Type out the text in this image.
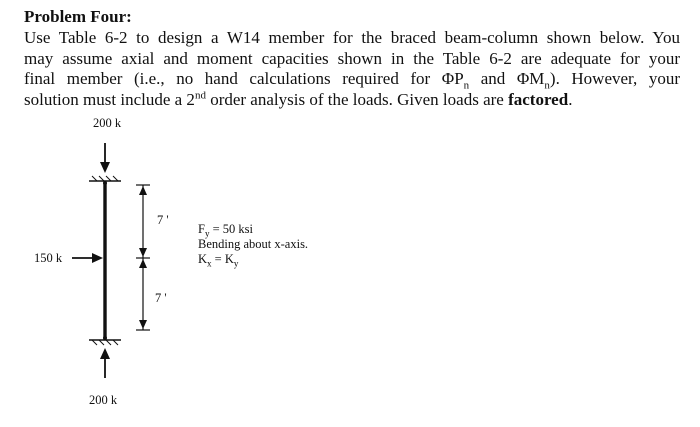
Problem Four:
Use Table 6-2 to design a W14 member for the braced beam-column shown below. You
may assume axial and moment capacities shown in the Table 6-2 are adequate for your
final member (i.e., no hand calculations required for $\Phi P_n$ and $\Phi M_n$). However, your
solution must include a 2nd order analysis of the loads. Given loads are factored.
200 k
200 k
150 k
7 '
7 '
$F_y = 50$ ksi
Bending about x-axis.
$K_x = K_y$
